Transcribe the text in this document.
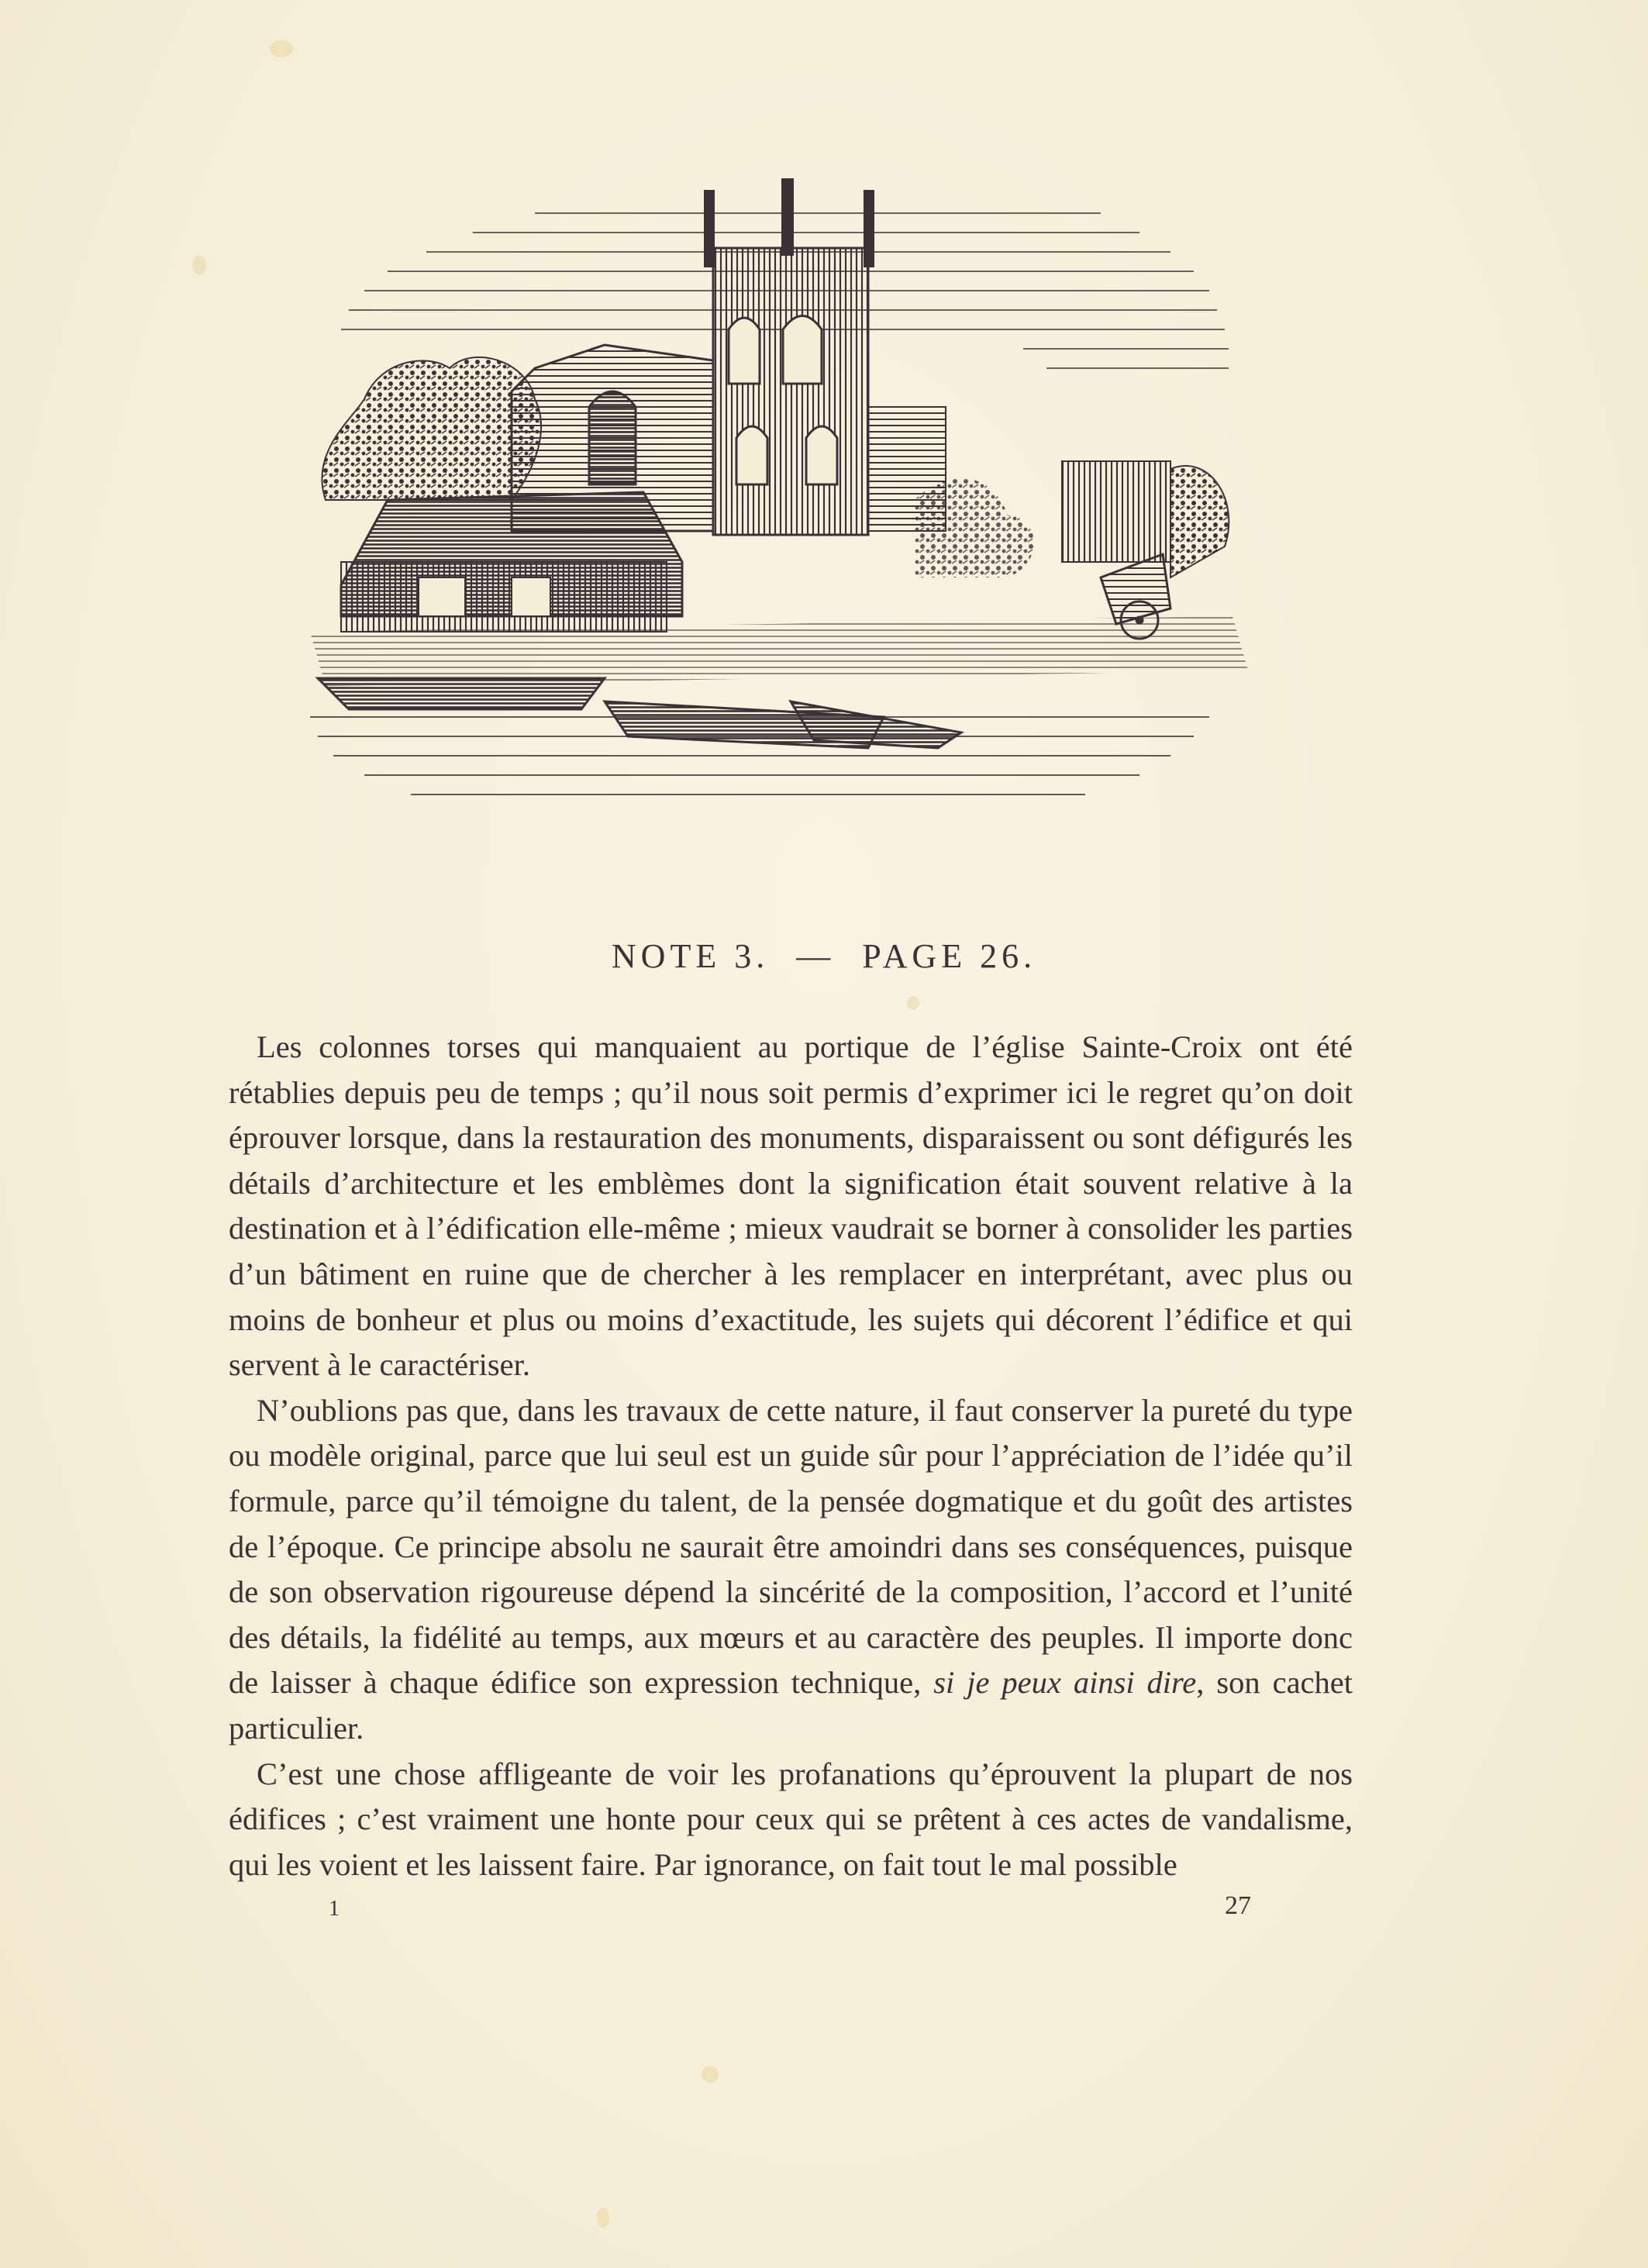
NOTE 3. — PAGE 26.

Les colonnes torses qui manquaient au portique de l’église Sainte-Croix ont été rétablies depuis peu de temps ; qu’il nous soit permis d’exprimer ici le regret qu’on doit éprouver lorsque, dans la restauration des monuments, disparaissent ou sont défigurés les détails d’architecture et les emblèmes dont la signification était souvent relative à la destination et à l’édification elle-même ; mieux vaudrait se borner à consolider les parties d’un bâtiment en ruine que de chercher à les remplacer en interprétant, avec plus ou moins de bonheur et plus ou moins d’exactitude, les sujets qui décorent l’édifice et qui servent à le caractériser.

N’oublions pas que, dans les travaux de cette nature, il faut conserver la pureté du type ou modèle original, parce que lui seul est un guide sûr pour l’appréciation de l’idée qu’il formule, parce qu’il témoigne du talent, de la pensée dogmatique et du goût des artistes de l’époque. Ce principe absolu ne saurait être amoindri dans ses conséquences, puisque de son observation rigoureuse dépend la sincérité de la composition, l’accord et l’unité des détails, la fidélité au temps, aux mœurs et au caractère des peuples. Il importe donc de laisser à chaque édifice son expression technique, si je peux ainsi dire, son cachet particulier.

C’est une chose affligeante de voir les profanations qu’éprouvent la plupart de nos édifices ; c’est vraiment une honte pour ceux qui se prêtent à ces actes de vandalisme, qui les voient et les laissent faire. Par ignorance, on fait tout le mal possible

1	27
